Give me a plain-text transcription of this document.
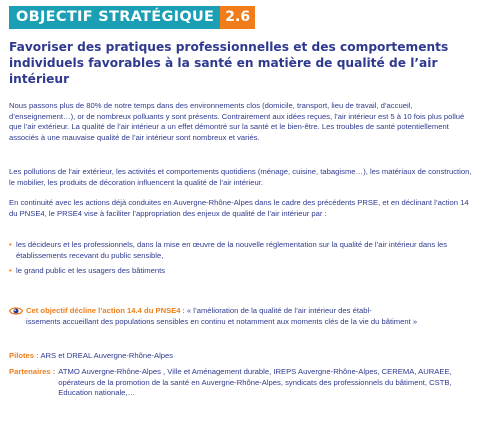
OBJECTIF STRATÉGIQUE 2.6
Favoriser des pratiques professionnelles et des comportements individuels favorables à la santé en matière de qualité de l’air intérieur

Nous passons plus de 80% de notre temps dans des environnements clos (domicile, transport, lieu de travail, d’accueil, d’enseignement…), or de nombreux polluants y sont présents. Contrairement aux idées reçues, l’air intérieur est 5 à 10 fois plus pollué que l’air extérieur. La qualité de l’air intérieur a un effet démontré sur la santé et le bien-être. Les troubles de santé potentiellement associés à une mauvaise qualité de l’air intérieur sont nombreux et variés.

Les pollutions de l’air extérieur, les activités et comportements quotidiens (ménage, cuisine, tabagisme…), les matériaux de construction, le mobilier, les produits de décoration influencent la qualité de l’air intérieur.

En continuité avec les actions déjà conduites en Auvergne-Rhône-Alpes dans le cadre des précédents PRSE, et en déclinant l’action 14 du PNSE4, le PRSE4 vise à faciliter l’appropriation des enjeux de qualité de l’air intérieur par :

• les décideurs et les professionnels, dans la mise en œuvre de la nouvelle réglementation sur la qualité de l’air intérieur dans les établissements recevant du public sensible,
• le grand public et les usagers des bâtiments
Cet objectif décline l’action 14.4 du PNSE4 : « l’amélioration de la qualité de l’air intérieur des établ-
issements accueillant des populations sensibles en continu et notamment aux moments clés de la vie du bâtiment »
Pilotes : ARS et DREAL Auvergne-Rhône-Alpes
Partenaires : ATMO Auvergne-Rhône-Alpes , Ville et Aménagement durable, IREPS Auvergne-Rhône-Alpes, CEREMA, AURAEE, opérateurs de la promotion de la santé en Auvergne-Rhône-Alpes, syndicats des professionnels du bâtiment, CSTB, Education nationale,…
